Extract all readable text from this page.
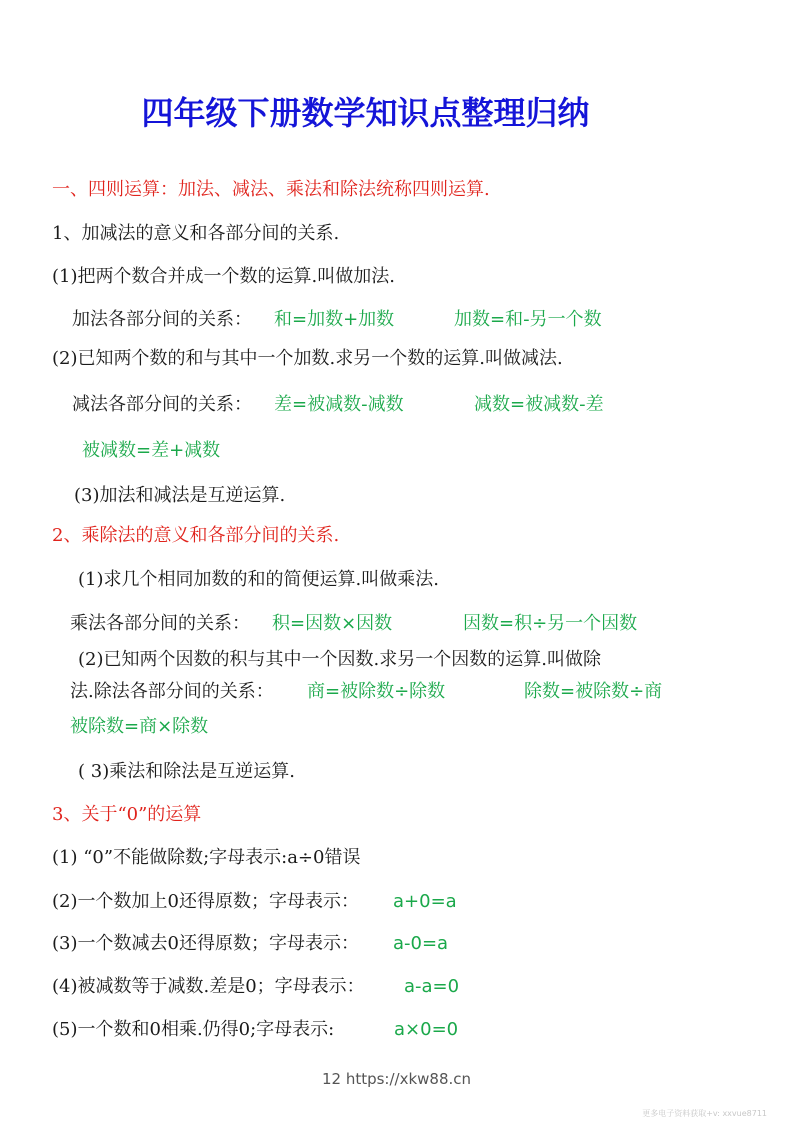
四年级下册数学知识点整理归纳
一、四则运算：加法、减法、乘法和除法统称四则运算.
1、加减法的意义和各部分间的关系.
(1)把两个数合并成一个数的运算.叫做加法.
加法各部分间的关系： 和=加数+加数	加数=和-另一个数
(2)已知两个数的和与其中一个加数.求另一个数的运算.叫做减法.
减法各部分间的关系： 差=被减数-减数	减数=被减数-差
被减数=差+减数
(3)加法和减法是互逆运算.
2、乘除法的意义和各部分间的关系.
(1)求几个相同加数的和的简便运算.叫做乘法.
乘法各部分间的关系： 积=因数×因数	因数=积÷另一个因数
(2)已知两个因数的积与其中一个因数.求另一个因数的运算.叫做除
法.除法各部分间的关系： 商=被除数÷除数	除数=被除数÷商
被除数=商×除数
( 3)乘法和除法是互逆运算.
3、关于“0”的运算
(1) “0”不能做除数;字母表示:a÷0错误
(2)一个数加上0还得原数；字母表示： a+0=a
(3)一个数减去0还得原数；字母表示： a-0=a
(4)被减数等于减数.差是0；字母表示： a-a=0
(5)一个数和0相乘.仍得0;字母表示:	a×0=0
12 https://xkw88.cn
更多电子资料获取+v: xxvue8711
